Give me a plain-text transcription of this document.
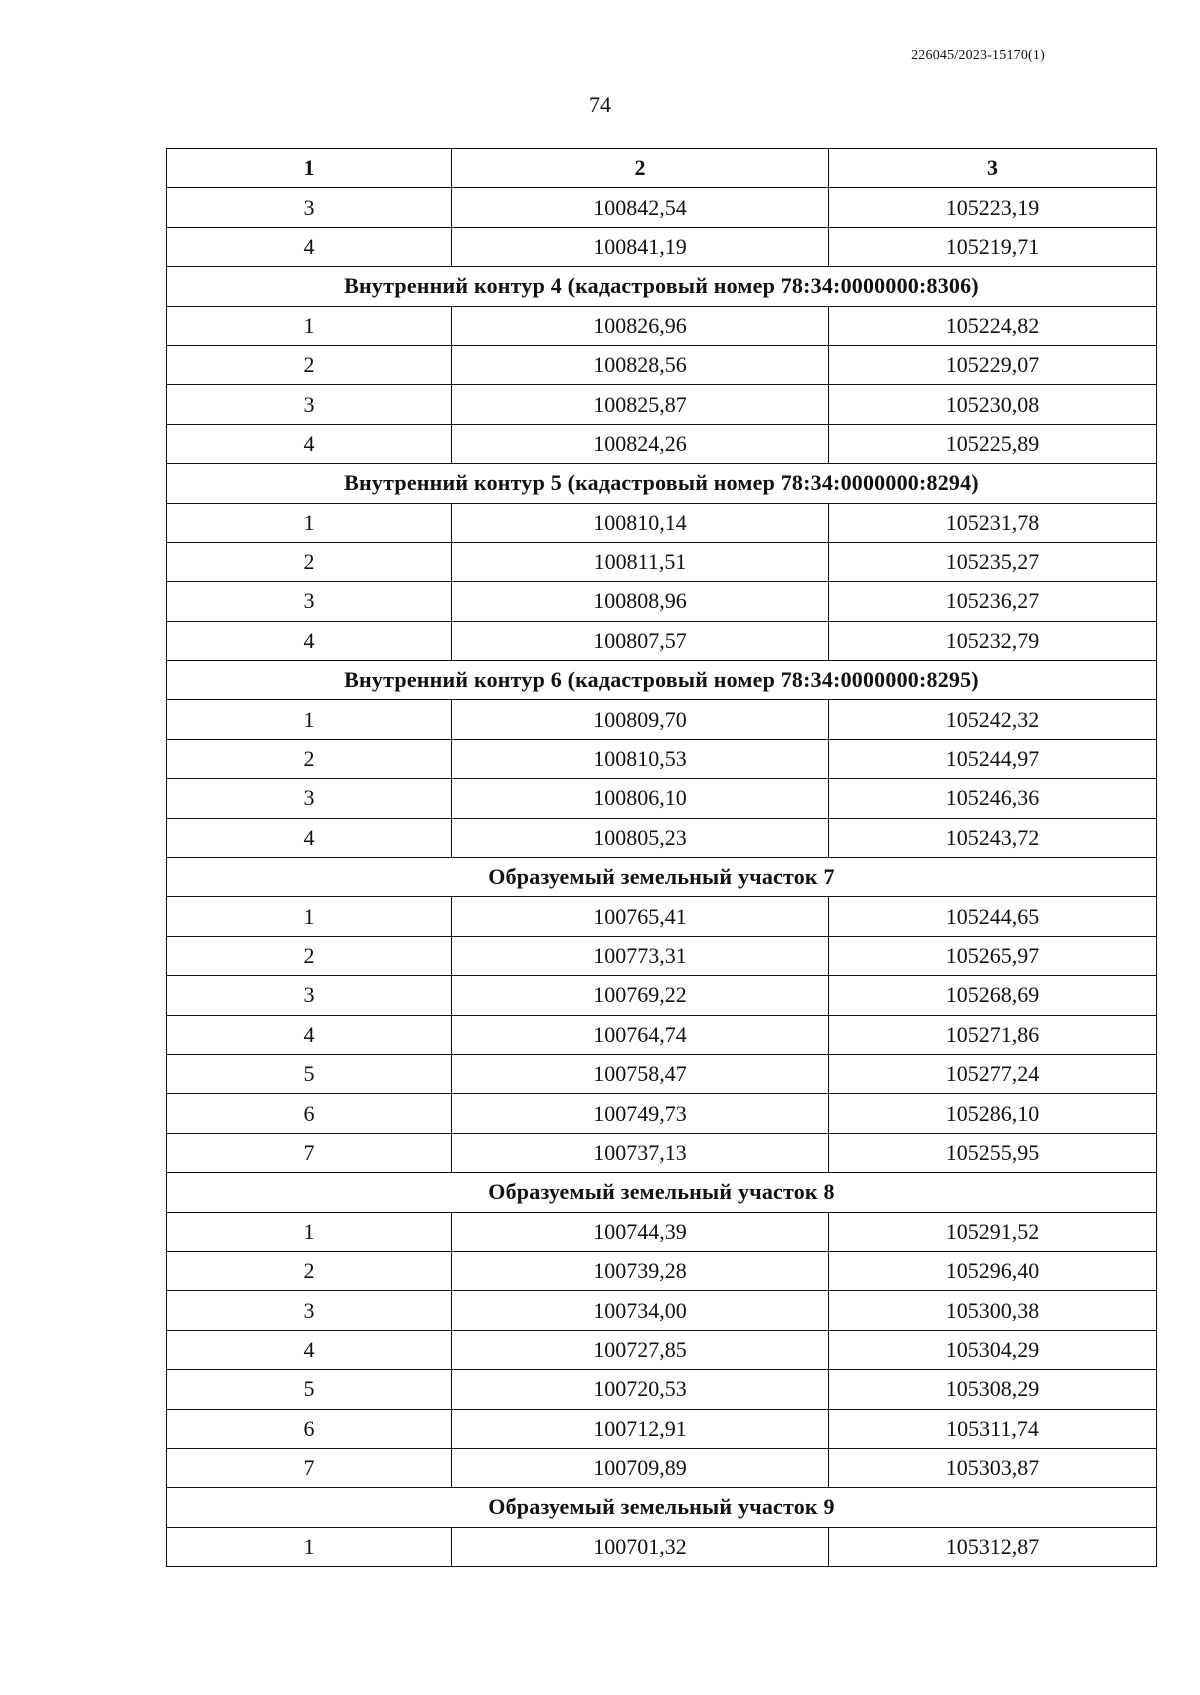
226045/2023-15170(1)
74
1	2	3
3	100842,54	105223,19
4	100841,19	105219,71
Внутренний контур 4 (кадастровый номер 78:34:0000000:8306)		
1	100826,96	105224,82
2	100828,56	105229,07
3	100825,87	105230,08
4	100824,26	105225,89
Внутренний контур 5 (кадастровый номер 78:34:0000000:8294)		
1	100810,14	105231,78
2	100811,51	105235,27
3	100808,96	105236,27
4	100807,57	105232,79
Внутренний контур 6 (кадастровый номер 78:34:0000000:8295)		
1	100809,70	105242,32
2	100810,53	105244,97
3	100806,10	105246,36
4	100805,23	105243,72
Образуемый земельный участок 7		
1	100765,41	105244,65
2	100773,31	105265,97
3	100769,22	105268,69
4	100764,74	105271,86
5	100758,47	105277,24
6	100749,73	105286,10
7	100737,13	105255,95
Образуемый земельный участок 8		
1	100744,39	105291,52
2	100739,28	105296,40
3	100734,00	105300,38
4	100727,85	105304,29
5	100720,53	105308,29
6	100712,91	105311,74
7	100709,89	105303,87
Образуемый земельный участок 9		
1	100701,32	105312,87
